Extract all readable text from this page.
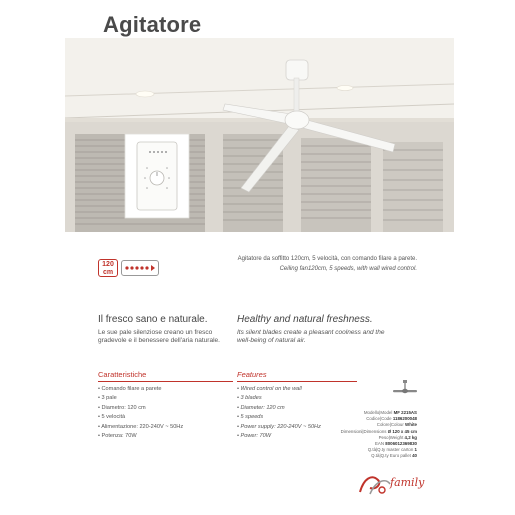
Agitatore
120
cm
Agitatore da soffitto 120cm, 5 velocità, con comando filare a parete.
Ceiling fan120cm, 5 speeds, with wall wired control.
Il fresco sano e naturale.
Le sue pale silenziose creano un fresco gradevole e il benessere dell'aria naturale.
Healthy and natural freshness.
Its silent blades create a pleasant coolness and the well-being of natural air.
Caratteristiche
• Comando filare a parete
• 3 pale
• Diametro: 120 cm
• 5 velocità
• Alimentazione: 220-240V ~ 50Hz
• Potenza: 70W
Features
• Wired control on the wall
• 3 blades
• Diameter: 120 cm
• 5 speeds
• Power supply: 220-240V ~ 50Hz
• Power: 70W
Modello|Model MF 2215AS
Codice|Code 1186200048
Colore|Colour White
Dimensioni|Dimensions Ø 120 x 45 cm
Peso|Weight 4,2 kg
EAN 8006012369830
Q.tà|Q.ty master carton 1
Q.tà|Q.ty Euro pallet 40
family
